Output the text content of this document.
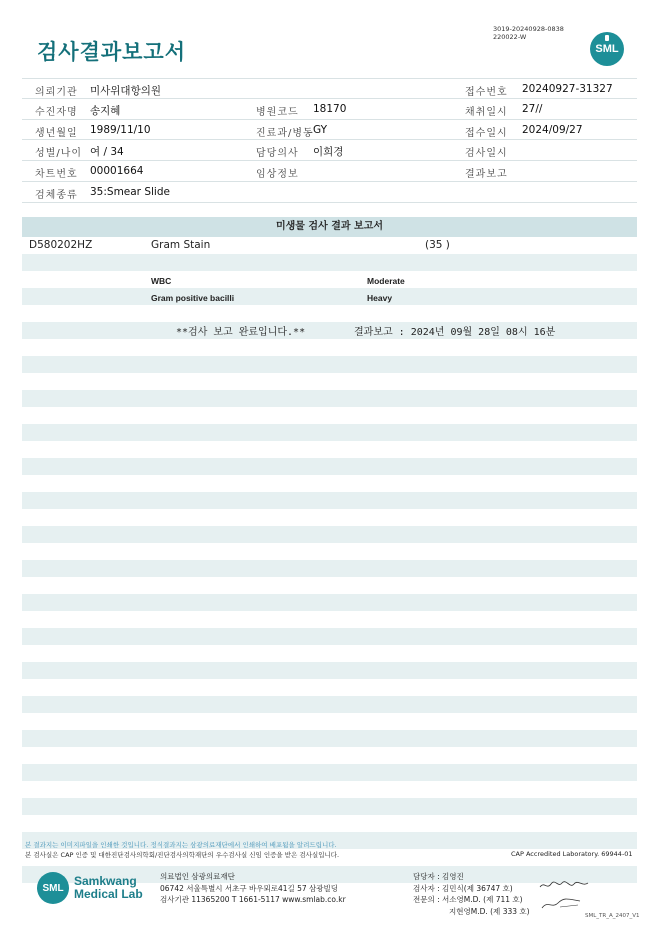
검사결과보고서
3019-20240928-0838
220022-W
SML
의뢰기관 미사위대항의원	접수번호 20240927-31327
수진자명 송지혜	병원코드 18170	채취일시 27//
생년월일 1989/11/10	진료과/병동 GY	접수일시 2024/09/27
성별/나이 여 / 34	담당의사 이희경	검사일시
차트번호 00001664	임상정보	결과보고
검체종류 35:Smear Slide
미생물 검사 결과 보고서
D580202HZ	Gram Stain	(35 )
WBC	Moderate
Gram positive bacilli	Heavy
**검사 보고 완료입니다.**	결과보고 : 2024년 09월 28일 08시 16분
본 결과지는 이미지파일을 인쇄한 것입니다. 정식결과지는 삼광의료재단에서 인쇄하여 배포됨을 알려드립니다.
본 검사실은 CAP 인증 및 대한진단검사의학회/진단검사의학재단의 우수검사실 신임 인증을 받은 검사실입니다.	CAP Accredited Laboratory. 69944-01
SML Samkwang
Medical Lab
의료법인 삼광의료재단
06742 서울특별시 서초구 바우뫼로41길 57 삼광빌딩
검사기관 11365200 T 1661-5117 www.smlab.co.kr
담당자 : 김영진
검사자 : 김민식(제 36747 호)
전문의 : 서소영M.D. (제 711 호)
지현영M.D. (제 333 호)
SML_TR_A_2407_V1
